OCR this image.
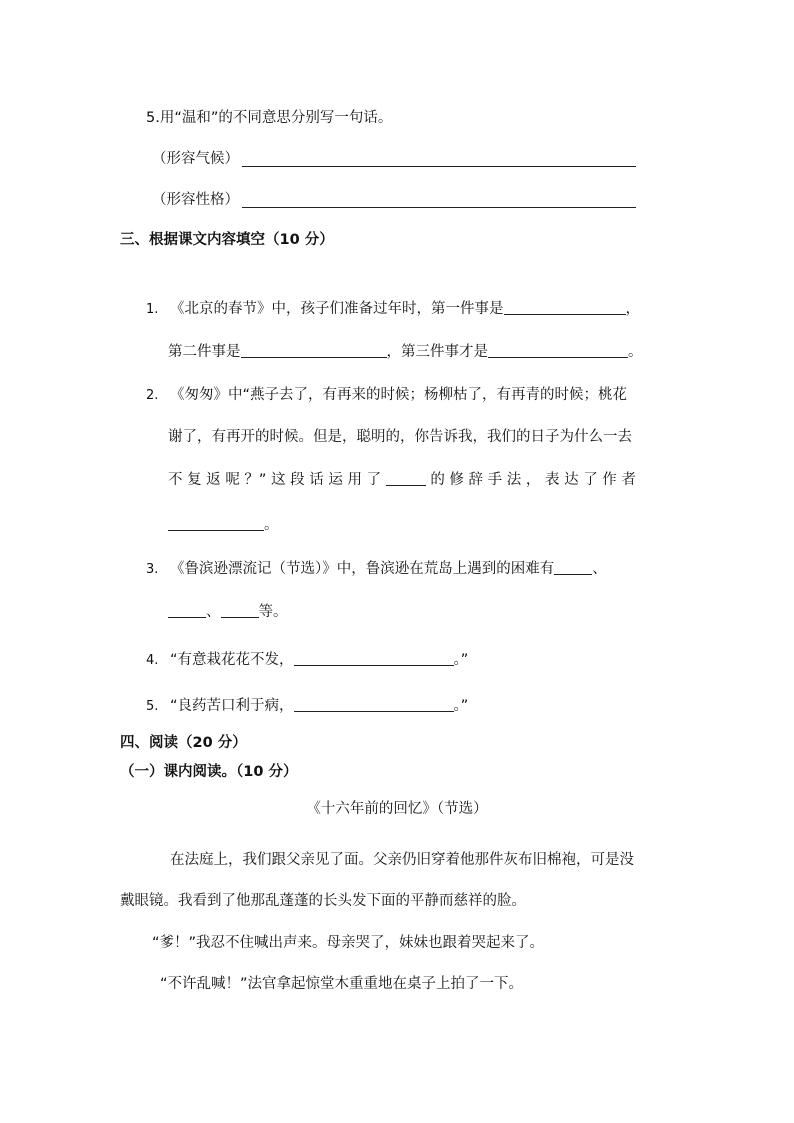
5.用“温和”的不同意思分别写一句话。
（形容气候）
（形容性格）
三、根据课文内容填空（10 分）
1. 《北京的春节》中，孩子们准备过年时，第一件事是	，
第二件事是	，第三件事才是	。
2. 《匆匆》中“燕子去了，有再来的时候；杨柳枯了，有再青的时候；桃花
谢了，有再开的时候。但是，聪明的，你告诉我，我们的日子为什么一去
不 复 返 呢 ？” 这 段 话 运 用 了	的 修 辞 手 法 ， 表 达 了 作 者
。
3. 《鲁滨逊漂流记（节选）》中，鲁滨逊在荒岛上遇到的困难有	、
、	等。
4. “有意栽花花不发，	。”
5. “良药苦口利于病，	。”
四、阅读（20 分）
（一）课内阅读。（10 分）
《十六年前的回忆》（节选）
在法庭上，我们跟父亲见了面。父亲仍旧穿着他那件灰布旧棉袍，可是没
戴眼镜。我看到了他那乱蓬蓬的长头发下面的平静而慈祥的脸。
“爹！”我忍不住喊出声来。母亲哭了，妹妹也跟着哭起来了。
“不许乱喊！”法官拿起惊堂木重重地在桌子上拍了一下。
